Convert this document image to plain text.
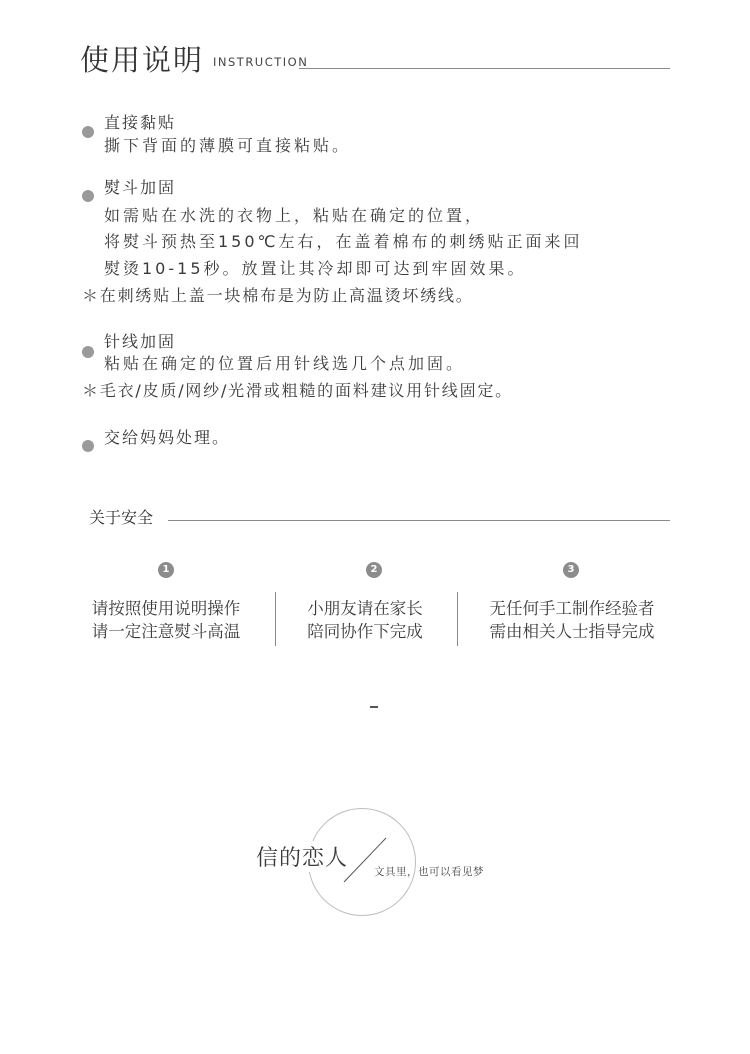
使用说明 INSTRUCTION
直接黏贴
撕下背面的薄膜可直接粘贴。
熨斗加固
如需贴在水洗的衣物上，粘贴在确定的位置，
将熨斗预热至150℃左右，在盖着棉布的刺绣贴正面来回
熨烫10-15秒。放置让其冷却即可达到牢固效果。
＊在刺绣贴上盖一块棉布是为防止高温烫坏绣线。
针线加固
粘贴在确定的位置后用针线选几个点加固。
＊毛衣/皮质/网纱/光滑或粗糙的面料建议用针线固定。
交给妈妈处理。
关于安全
1	2	3
请按照使用说明操作
请一定注意熨斗高温
小朋友请在家长
陪同协作下完成
无任何手工制作经验者
需由相关人士指导完成
信的恋人
文具里，也可以看见梦
